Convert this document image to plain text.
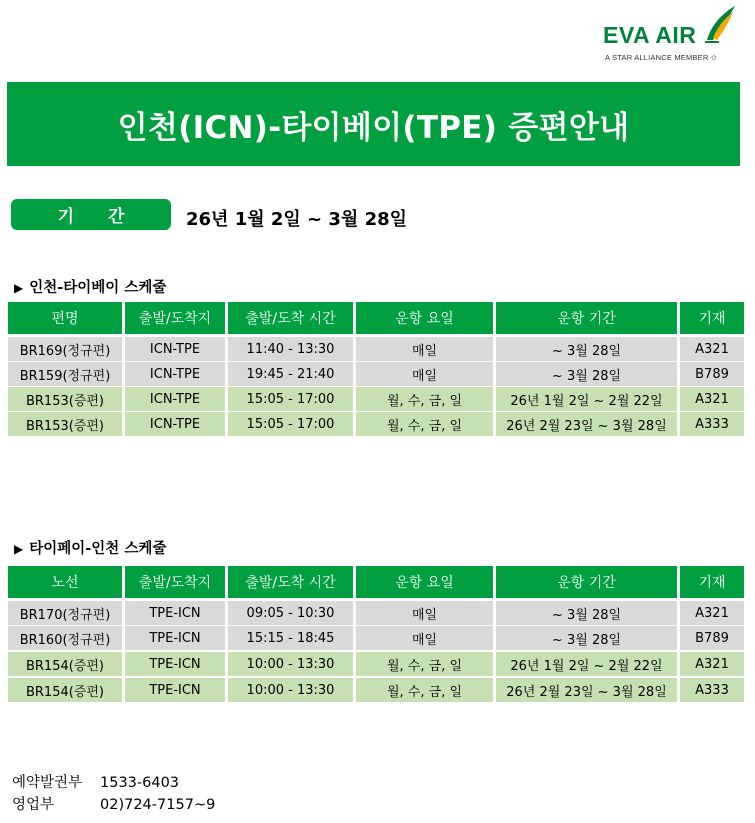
EVA AIR
A STAR ALLIANCE MEMBER ✩
인천(ICN)-타이베이(TPE) 증편안내
기 간	26년 1월 2일 ~ 3월 28일
▶ 인천-타이베이 스케줄
편명	출발/도착지	출발/도착 시간	운항 요일	운항 기간	기재
BR169(정규편)	ICN-TPE	11:40 - 13:30	매일	~ 3월 28일	A321
BR159(정규편)	ICN-TPE	19:45 - 21:40	매일	~ 3월 28일	B789
BR153(증편)	ICN-TPE	15:05 - 17:00	월, 수, 금, 일	26년 1월 2일 ~ 2월 22일	A321
BR153(증편)	ICN-TPE	15:05 - 17:00	월, 수, 금, 일	26년 2월 23일 ~ 3월 28일	A333
▶ 타이페이-인천 스케줄
노선	출발/도착지	출발/도착 시간	운항 요일	운항 기간	기재
BR170(정규편)	TPE-ICN	09:05 - 10:30	매일	~ 3월 28일	A321
BR160(정규편)	TPE-ICN	15:15 - 18:45	매일	~ 3월 28일	B789
BR154(증편)	TPE-ICN	10:00 - 13:30	월, 수, 금, 일	26년 1월 2일 ~ 2월 22일	A321
BR154(증편)	TPE-ICN	10:00 - 13:30	월, 수, 금, 일	26년 2월 23일 ~ 3월 28일	A333
예약발권부 1533-6403
영업부	02)724-7157~9
